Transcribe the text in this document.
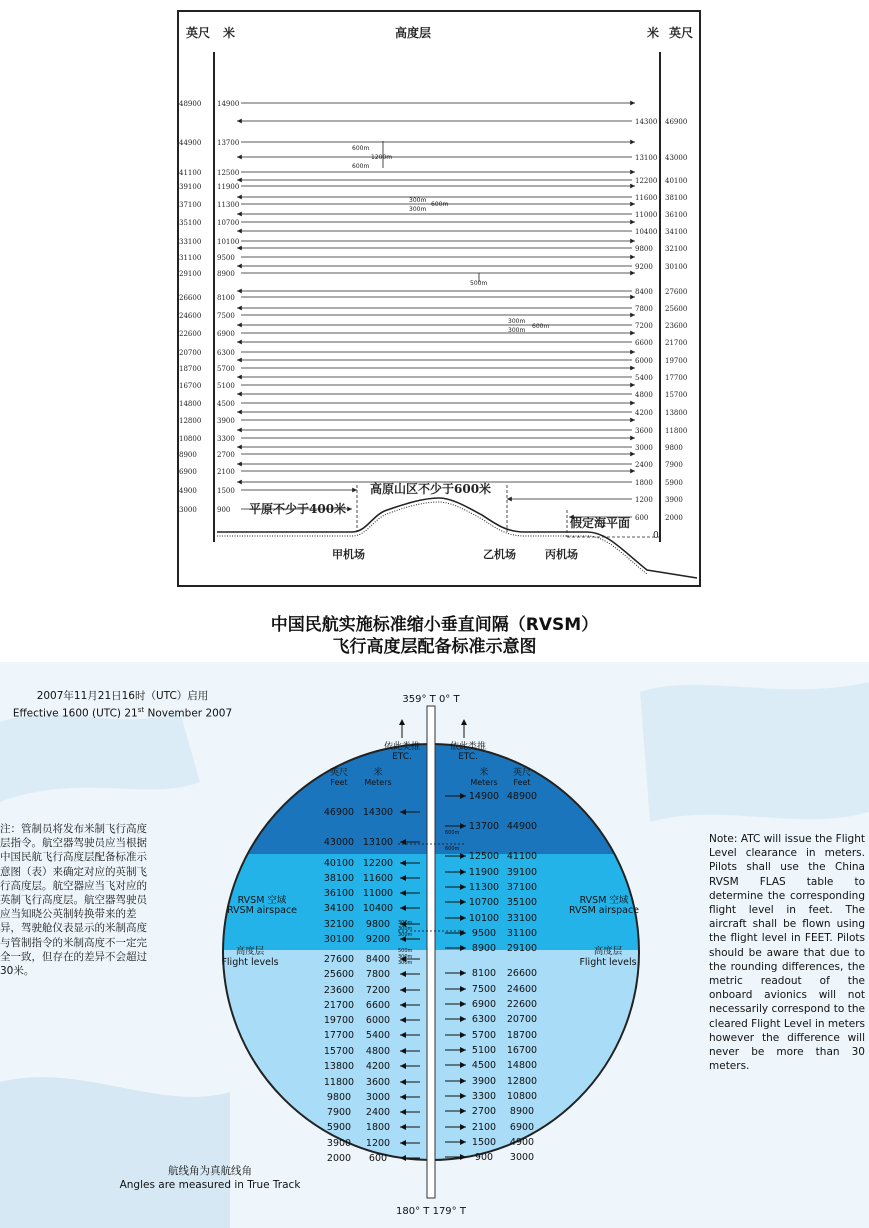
英尺 米	高度层	米 英尺
48900 14900
44900 13700
41100 12500
39100 11900
37100 11300
35100 10700
33100 10100
31100 9500
29100 8900
26600 8100
24600 7500
22600 6900
20700 6300
18700 5700
16700 5100
14800 4500
12800 3900
10800 3300
8900	2700
6900	2100
4900	1500
3000	900
14300 46900
13100 43000
12200 40100
11600 38100
11000 36100
10400 34100
9800 32100
9200 30100
8400 27600
7800 25600
7200 23600
6600 21700
6000 19700
5400 17700
4800 15700
4200 13800
3600 11800
3000 9800
2400 7900
1800 5900
1200 3900
600 2000
600m
1200m
600m
300m
300m
600m
500m
300m
300m
600m
平原不少于400米
高原山区不少于600米
假定海平面
0
甲机场	乙机场	丙机场
中国民航实施标准缩小垂直间隔（RVSM）
飞行高度层配备标准示意图
359° T 0° T
180° T 179° T
依此类推
ETC.
依此类推
ETC.
英尺
Feet
米
Meters
米
Meters
英尺
Feet
RVSM 空域
RVSM airspace
RVSM 空域
RVSM airspace
高度层
Flight levels
高度层
Flight levels
600m
600m
300m
300m
300m
500m
300m
300m
46900 14300
43000 13100
40100 12200
38100 11600
36100 11000
34100 10400
32100 9800
30100 9200
27600 8400
25600 7800
23600 7200
21700 6600
19700 6000
17700 5400
15700 4800
13800 4200
11800 3600
9800 3000
7900 2400
5900 1800
3900 1200
2000 600
14900 48900
13700 44900
12500 41100
11900 39100
11300 37100
10700 35100
10100 33100
9500 31100
8900 29100
8100 26600
7500 24600
6900 22600
6300 20700
5700 18700
5100 16700
4500 14800
3900 12800
3300 10800
2700 8900
2100 6900
1500 4900
900 3000
2007年11月21日16时（UTC）启用
Effective 1600 (UTC) 21st November 2007
注：管制员将发布米制飞行高度层指令。航空器驾驶员应当根据中国民航飞行高度层配备标准示意图（表）来确定对应的英制飞行高度层。航空器应当飞对应的英制飞行高度层。航空器驾驶员应当知晓公英制转换带来的差异，驾驶舱仪表显示的米制高度与管制指令的米制高度不一定完全一致，但存在的差异不会超过30米。
Note: ATC will issue the Flight Level clearance in meters. Pilots shall use the China RVSM FLAS table to determine the corresponding flight level in feet. The aircraft shall be flown using the flight level in FEET. Pilots should be aware that due to the rounding differences, the metric readout of the onboard avionics will not necessarily correspond to the cleared Flight Level in meters however the difference will never be more than 30 meters.
航线角为真航线角
Angles are measured in True Track
